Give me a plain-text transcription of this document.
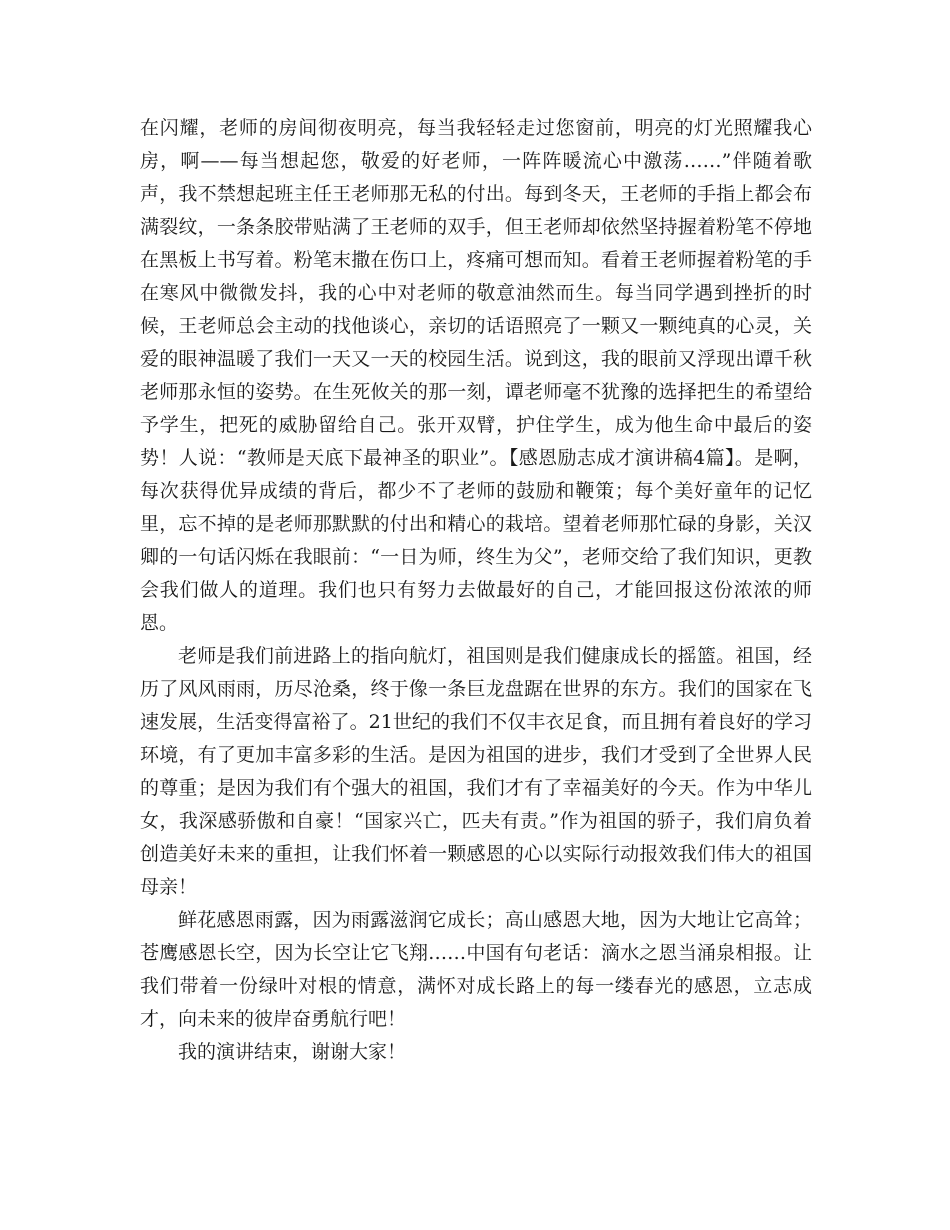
在闪耀，老师的房间彻夜明亮，每当我轻轻走过您窗前，明亮的灯光照耀我心房，啊——每当想起您，敬爱的好老师，一阵阵暖流心中激荡……”伴随着歌声，我不禁想起班主任王老师那无私的付出。每到冬天，王老师的手指上都会布满裂纹，一条条胶带贴满了王老师的双手，但王老师却依然坚持握着粉笔不停地在黑板上书写着。粉笔末撒在伤口上，疼痛可想而知。看着王老师握着粉笔的手在寒风中微微发抖，我的心中对老师的敬意油然而生。每当同学遇到挫折的时候，王老师总会主动的找他谈心，亲切的话语照亮了一颗又一颗纯真的心灵，关爱的眼神温暖了我们一天又一天的校园生活。说到这，我的眼前又浮现出谭千秋老师那永恒的姿势。在生死攸关的那一刻，谭老师毫不犹豫的选择把生的希望给予学生，把死的威胁留给自己。张开双臂，护住学生，成为他生命中最后的姿势！人说：“教师是天底下最神圣的职业”。【感恩励志成才演讲稿4篇】。是啊，每次获得优异成绩的背后，都少不了老师的鼓励和鞭策；每个美好童年的记忆里，忘不掉的是老师那默默的付出和精心的栽培。望着老师那忙碌的身影，关汉卿的一句话闪烁在我眼前：“一日为师，终生为父”，老师交给了我们知识，更教会我们做人的道理。我们也只有努力去做最好的自己，才能回报这份浓浓的师恩。

老师是我们前进路上的指向航灯，祖国则是我们健康成长的摇篮。祖国，经历了风风雨雨，历尽沧桑，终于像一条巨龙盘踞在世界的东方。我们的国家在飞速发展，生活变得富裕了。21世纪的我们不仅丰衣足食，而且拥有着良好的学习环境，有了更加丰富多彩的生活。是因为祖国的进步，我们才受到了全世界人民的尊重；是因为我们有个强大的祖国，我们才有了幸福美好的今天。作为中华儿女，我深感骄傲和自豪！“国家兴亡，匹夫有责。”作为祖国的骄子，我们肩负着创造美好未来的重担，让我们怀着一颗感恩的心以实际行动报效我们伟大的祖国母亲！

鲜花感恩雨露，因为雨露滋润它成长；高山感恩大地，因为大地让它高耸；苍鹰感恩长空，因为长空让它飞翔……中国有句老话：滴水之恩当涌泉相报。让我们带着一份绿叶对根的情意，满怀对成长路上的每一缕春光的感恩，立志成才，向未来的彼岸奋勇航行吧！

我的演讲结束，谢谢大家！
